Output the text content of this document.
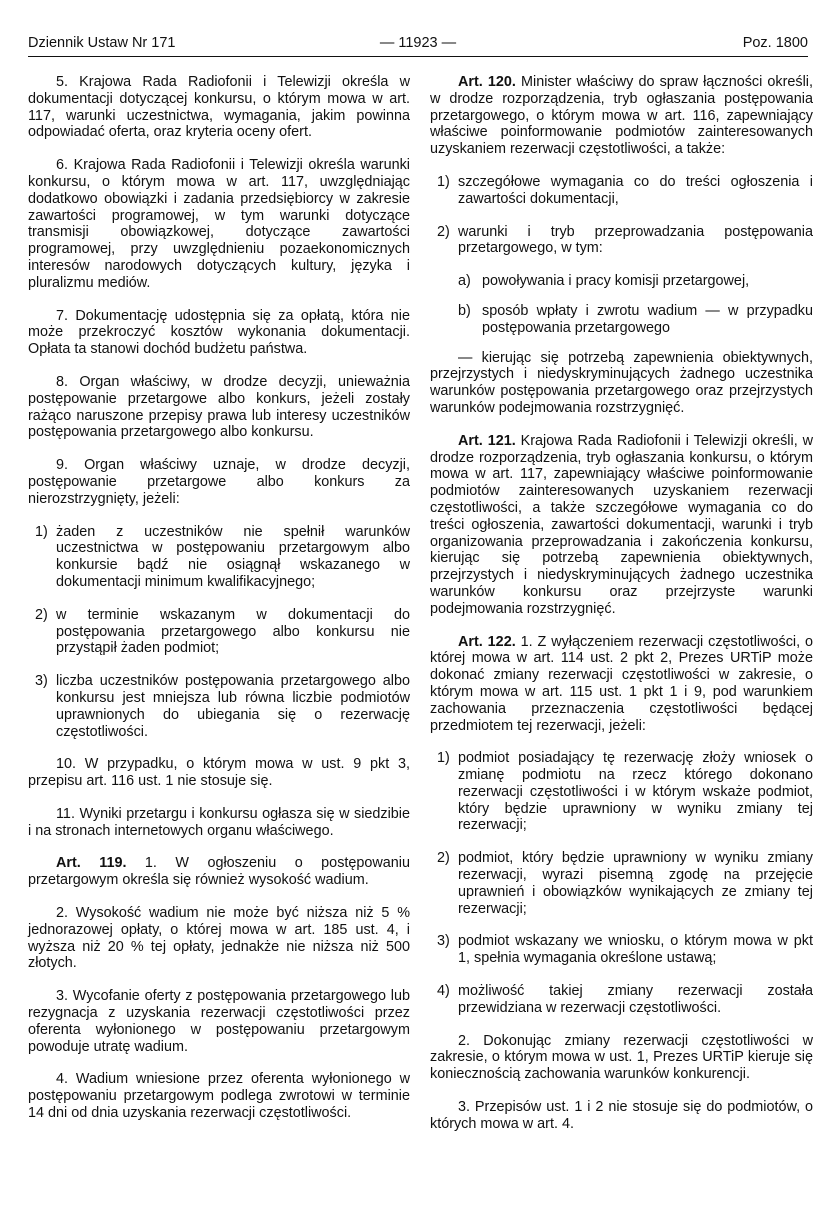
Dziennik Ustaw Nr 171	— 11923 —	Poz. 1800

5. Krajowa Rada Radiofonii i Telewizji określa w dokumentacji dotyczącej konkursu, o którym mowa w art. 117, warunki uczestnictwa, wymagania, jakim powinna odpowiadać oferta, oraz kryteria oceny ofert.

6. Krajowa Rada Radiofonii i Telewizji określa warunki konkursu, o którym mowa w art. 117, uwzględniając dodatkowo obowiązki i zadania przedsiębiorcy w zakresie zawartości programowej, w tym warunki dotyczące transmisji obowiązkowej, dotyczące zawartości programowej, przy uwzględnieniu pozaekonomicznych interesów narodowych dotyczących kultury, języka i pluralizmu mediów.

7. Dokumentację udostępnia się za opłatą, która nie może przekroczyć kosztów wykonania dokumentacji. Opłata ta stanowi dochód budżetu państwa.

8. Organ właściwy, w drodze decyzji, unieważnia postępowanie przetargowe albo konkurs, jeżeli zostały rażąco naruszone przepisy prawa lub interesy uczestników postępowania przetargowego albo konkursu.

9. Organ właściwy uznaje, w drodze decyzji, postępowanie przetargowe albo konkurs za nierozstrzygnięty, jeżeli:

1) żaden z uczestników nie spełnił warunków uczestnictwa w postępowaniu przetargowym albo konkursie bądź nie osiągnął wskazanego w dokumentacji minimum kwalifikacyjnego;
2) w terminie wskazanym w dokumentacji do postępowania przetargowego albo konkursu nie przystąpił żaden podmiot;
3) liczba uczestników postępowania przetargowego albo konkursu jest mniejsza lub równa liczbie podmiotów uprawnionych do ubiegania się o rezerwację częstotliwości.

10. W przypadku, o którym mowa w ust. 9 pkt 3, przepisu art. 116 ust. 1 nie stosuje się.

11. Wyniki przetargu i konkursu ogłasza się w siedzibie i na stronach internetowych organu właściwego.

Art. 119. 1. W ogłoszeniu o postępowaniu przetargowym określa się również wysokość wadium.

2. Wysokość wadium nie może być niższa niż 5 % jednorazowej opłaty, o której mowa w art. 185 ust. 4, i wyższa niż 20 % tej opłaty, jednakże nie niższa niż 500 złotych.

3. Wycofanie oferty z postępowania przetargowego lub rezygnacja z uzyskania rezerwacji częstotliwości przez oferenta wyłonionego w postępowaniu przetargowym powoduje utratę wadium.

4. Wadium wniesione przez oferenta wyłonionego w postępowaniu przetargowym podlega zwrotowi w terminie 14 dni od dnia uzyskania rezerwacji częstotliwości.

Art. 120. Minister właściwy do spraw łączności określi, w drodze rozporządzenia, tryb ogłaszania postępowania przetargowego, o którym mowa w art. 116, zapewniający właściwe poinformowanie podmiotów zainteresowanych uzyskaniem rezerwacji częstotliwości, a także:

1) szczegółowe wymagania co do treści ogłoszenia i zawartości dokumentacji,
2) warunki i tryb przeprowadzania postępowania przetargowego, w tym:
a) powoływania i pracy komisji przetargowej,
b) sposób wpłaty i zwrotu wadium — w przypadku postępowania przetargowego

— kierując się potrzebą zapewnienia obiektywnych, przejrzystych i niedyskryminujących żadnego uczestnika warunków postępowania przetargowego oraz przejrzystych warunków podejmowania rozstrzygnięć.

Art. 121. Krajowa Rada Radiofonii i Telewizji określi, w drodze rozporządzenia, tryb ogłaszania konkursu, o którym mowa w art. 117, zapewniający właściwe poinformowanie podmiotów zainteresowanych uzyskaniem rezerwacji częstotliwości, a także szczegółowe wymagania co do treści ogłoszenia, zawartości dokumentacji, warunki i tryb organizowania przeprowadzania i zakończenia konkursu, kierując się potrzebą zapewnienia obiektywnych, przejrzystych i niedyskryminujących żadnego uczestnika warunków konkursu oraz przejrzyste warunki podejmowania rozstrzygnięć.

Art. 122. 1. Z wyłączeniem rezerwacji częstotliwości, o której mowa w art. 114 ust. 2 pkt 2, Prezes URTiP może dokonać zmiany rezerwacji częstotliwości w zakresie, o którym mowa w art. 115 ust. 1 pkt 1 i 9, pod warunkiem zachowania przeznaczenia częstotliwości będącej przedmiotem tej rezerwacji, jeżeli:

1) podmiot posiadający tę rezerwację złoży wniosek o zmianę podmiotu na rzecz którego dokonano rezerwacji częstotliwości i w którym wskaże podmiot, który będzie uprawniony w wyniku zmiany tej rezerwacji;
2) podmiot, który będzie uprawniony w wyniku zmiany rezerwacji, wyrazi pisemną zgodę na przejęcie uprawnień i obowiązków wynikających ze zmiany tej rezerwacji;
3) podmiot wskazany we wniosku, o którym mowa w pkt 1, spełnia wymagania określone ustawą;
4) możliwość takiej zmiany rezerwacji została przewidziana w rezerwacji częstotliwości.

2. Dokonując zmiany rezerwacji częstotliwości w zakresie, o którym mowa w ust. 1, Prezes URTiP kieruje się koniecznością zachowania warunków konkurencji.

3. Przepisów ust. 1 i 2 nie stosuje się do podmiotów, o których mowa w art. 4.
